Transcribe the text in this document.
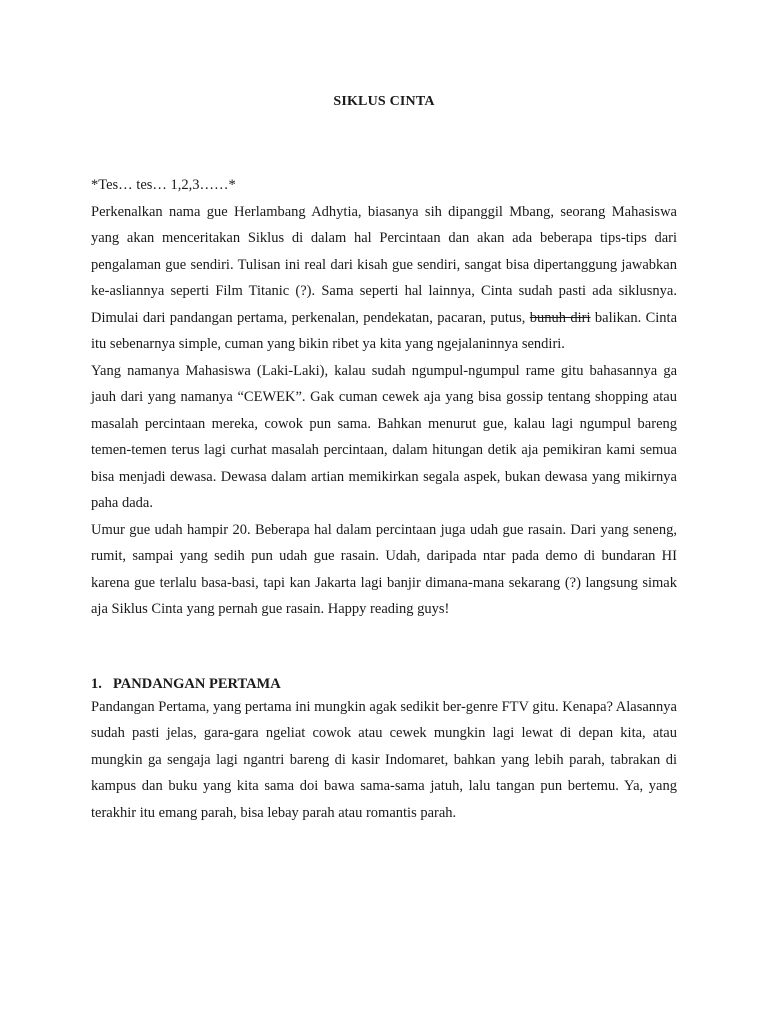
SIKLUS CINTA

*Tes… tes… 1,2,3……*

Perkenalkan nama gue Herlambang Adhytia, biasanya sih dipanggil Mbang, seorang Mahasiswa yang akan menceritakan Siklus di dalam hal Percintaan dan akan ada beberapa tips-tips dari pengalaman gue sendiri. Tulisan ini real dari kisah gue sendiri, sangat bisa dipertanggung jawabkan ke-asliannya seperti Film Titanic (?). Sama seperti hal lainnya, Cinta sudah pasti ada siklusnya. Dimulai dari pandangan pertama, perkenalan, pendekatan, pacaran, putus, bunuh diri balikan. Cinta itu sebenarnya simple, cuman yang bikin ribet ya kita yang ngejalaninnya sendiri.

Yang namanya Mahasiswa (Laki-Laki), kalau sudah ngumpul-ngumpul rame gitu bahasannya ga jauh dari yang namanya “CEWEK”. Gak cuman cewek aja yang bisa gossip tentang shopping atau masalah percintaan mereka, cowok pun sama. Bahkan menurut gue, kalau lagi ngumpul bareng temen-temen terus lagi curhat masalah percintaan, dalam hitungan detik aja pemikiran kami semua bisa menjadi dewasa. Dewasa dalam artian memikirkan segala aspek, bukan dewasa yang mikirnya paha dada.

Umur gue udah hampir 20. Beberapa hal dalam percintaan juga udah gue rasain. Dari yang seneng, rumit, sampai yang sedih pun udah gue rasain. Udah, daripada ntar pada demo di bundaran HI karena gue terlalu basa-basi, tapi kan Jakarta lagi banjir dimana-mana sekarang (?) langsung simak aja Siklus Cinta yang pernah gue rasain. Happy reading guys!

1. PANDANGAN PERTAMA

Pandangan Pertama, yang pertama ini mungkin agak sedikit ber-genre FTV gitu. Kenapa? Alasannya sudah pasti jelas, gara-gara ngeliat cowok atau cewek mungkin lagi lewat di depan kita, atau mungkin ga sengaja lagi ngantri bareng di kasir Indomaret, bahkan yang lebih parah, tabrakan di kampus dan buku yang kita sama doi bawa sama-sama jatuh, lalu tangan pun bertemu. Ya, yang terakhir itu emang parah, bisa lebay parah atau romantis parah.
